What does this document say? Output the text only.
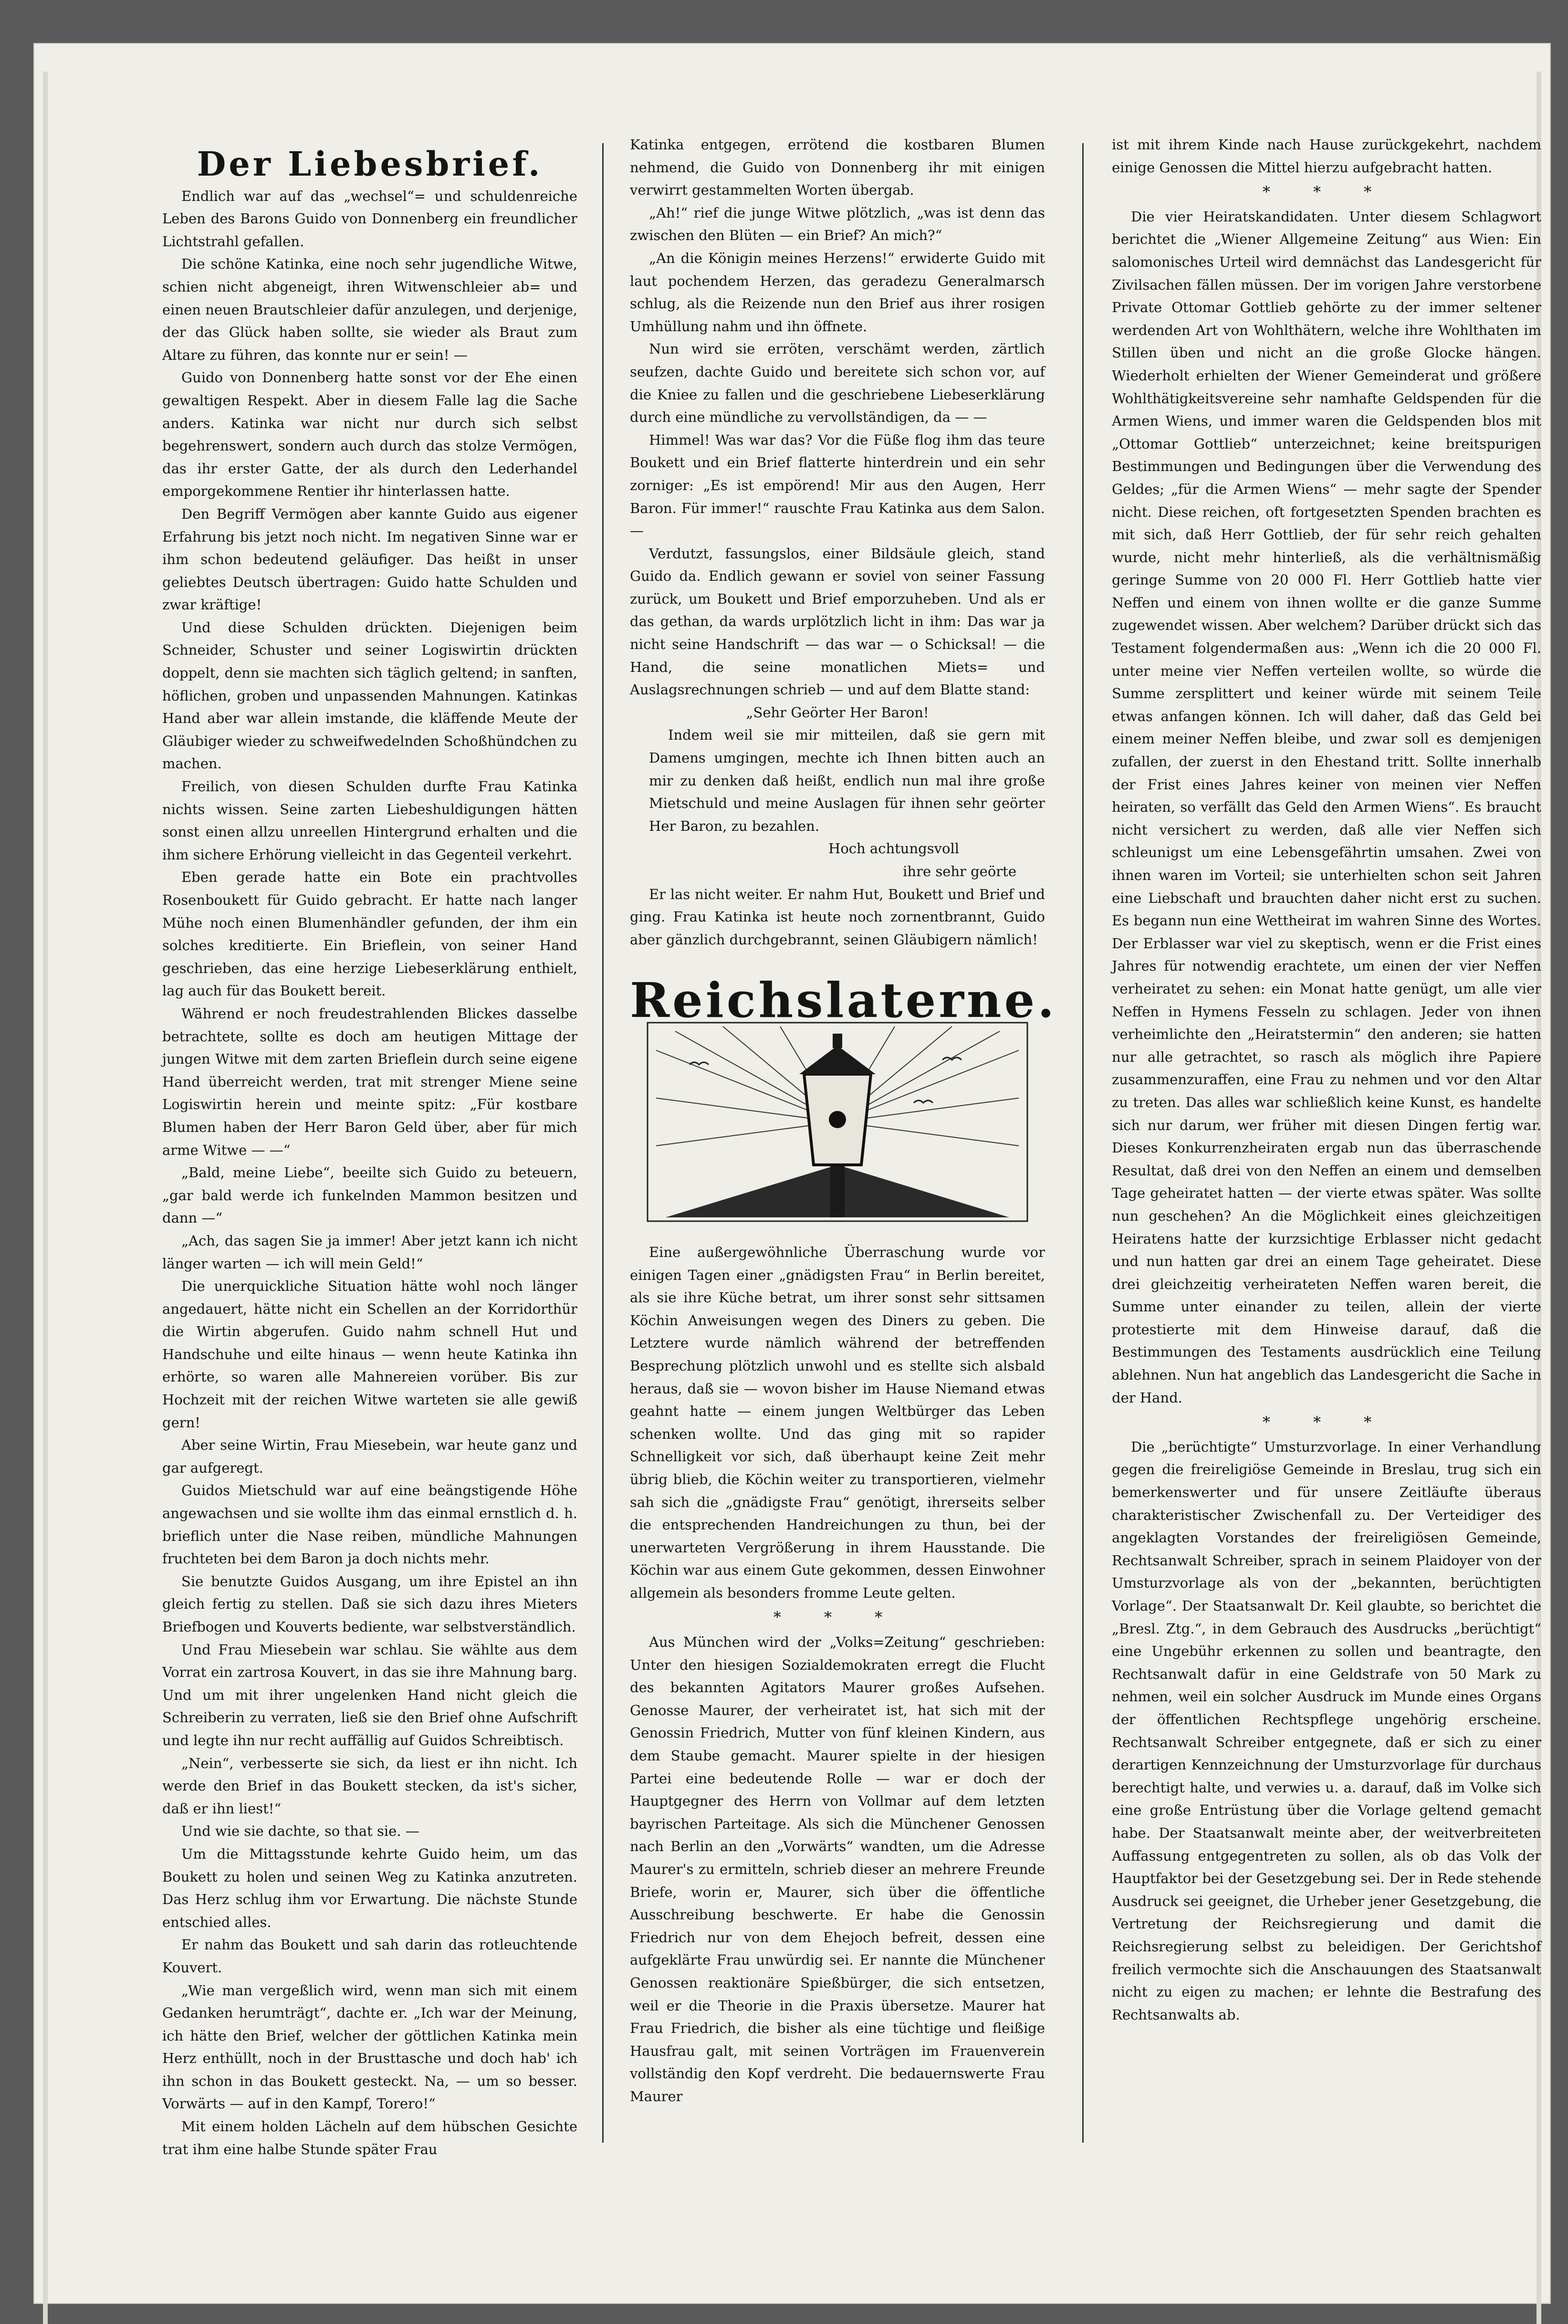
Der Liebesbrief.

Endlich war auf das „wechsel“= und schuldenreiche Leben des Barons Guido von Donnenberg ein freundlicher Lichtstrahl gefallen.

Die schöne Katinka, eine noch sehr jugendliche Witwe, schien nicht abgeneigt, ihren Witwenschleier ab= und einen neuen Brautschleier dafür anzulegen, und derjenige, der das Glück haben sollte, sie wieder als Braut zum Altare zu führen, das konnte nur er sein! —

Guido von Donnenberg hatte sonst vor der Ehe einen gewaltigen Respekt. Aber in diesem Falle lag die Sache anders. Katinka war nicht nur durch sich selbst begehrenswert, sondern auch durch das stolze Vermögen, das ihr erster Gatte, der als durch den Lederhandel emporgekommene Rentier ihr hinterlassen hatte.

Den Begriff Vermögen aber kannte Guido aus eigener Erfahrung bis jetzt noch nicht. Im negativen Sinne war er ihm schon bedeutend geläufiger. Das heißt in unser geliebtes Deutsch übertragen: Guido hatte Schulden und zwar kräftige!

Und diese Schulden drückten. Diejenigen beim Schneider, Schuster und seiner Logiswirtin drückten doppelt, denn sie machten sich täglich geltend; in sanften, höflichen, groben und unpassenden Mahnungen. Katinkas Hand aber war allein imstande, die kläffende Meute der Gläubiger wieder zu schweifwedelnden Schoßhündchen zu machen.

Freilich, von diesen Schulden durfte Frau Katinka nichts wissen. Seine zarten Liebeshuldigungen hätten sonst einen allzu unreellen Hintergrund erhalten und die ihm sichere Erhörung vielleicht in das Gegenteil verkehrt.

Eben gerade hatte ein Bote ein prachtvolles Rosenboukett für Guido gebracht. Er hatte nach langer Mühe noch einen Blumenhändler gefunden, der ihm ein solches kreditierte. Ein Brieflein, von seiner Hand geschrieben, das eine herzige Liebeserklärung enthielt, lag auch für das Boukett bereit.

Während er noch freudestrahlenden Blickes dasselbe betrachtete, sollte es doch am heutigen Mittage der jungen Witwe mit dem zarten Brieflein durch seine eigene Hand überreicht werden, trat mit strenger Miene seine Logiswirtin herein und meinte spitz: „Für kostbare Blumen haben der Herr Baron Geld über, aber für mich arme Witwe — —“

„Bald, meine Liebe“, beeilte sich Guido zu beteuern, „gar bald werde ich funkelnden Mammon besitzen und dann —“

„Ach, das sagen Sie ja immer! Aber jetzt kann ich nicht länger warten — ich will mein Geld!“

Die unerquickliche Situation hätte wohl noch länger angedauert, hätte nicht ein Schellen an der Korridorthür die Wirtin abgerufen. Guido nahm schnell Hut und Handschuhe und eilte hinaus — wenn heute Katinka ihn erhörte, so waren alle Mahnereien vorüber. Bis zur Hochzeit mit der reichen Witwe warteten sie alle gewiß gern!

Aber seine Wirtin, Frau Miesebein, war heute ganz und gar aufgeregt.

Guidos Mietschuld war auf eine beängstigende Höhe angewachsen und sie wollte ihm das einmal ernstlich d. h. brieflich unter die Nase reiben, mündliche Mahnungen fruchteten bei dem Baron ja doch nichts mehr.

Sie benutzte Guidos Ausgang, um ihre Epistel an ihn gleich fertig zu stellen. Daß sie sich dazu ihres Mieters Briefbogen und Kouverts bediente, war selbstverständlich.

Und Frau Miesebein war schlau. Sie wählte aus dem Vorrat ein zartrosa Kouvert, in das sie ihre Mahnung barg. Und um mit ihrer ungelenken Hand nicht gleich die Schreiberin zu verraten, ließ sie den Brief ohne Aufschrift und legte ihn nur recht auffällig auf Guidos Schreibtisch.

„Nein“, verbesserte sie sich, da liest er ihn nicht. Ich werde den Brief in das Boukett stecken, da ist's sicher, daß er ihn liest!“

Und wie sie dachte, so that sie. —

Um die Mittagsstunde kehrte Guido heim, um das Boukett zu holen und seinen Weg zu Katinka anzutreten. Das Herz schlug ihm vor Erwartung. Die nächste Stunde entschied alles.

Er nahm das Boukett und sah darin das rotleuchtende Kouvert.

„Wie man vergeßlich wird, wenn man sich mit einem Gedanken herumträgt“, dachte er. „Ich war der Meinung, ich hätte den Brief, welcher der göttlichen Katinka mein Herz enthüllt, noch in der Brusttasche und doch hab' ich ihn schon in das Boukett gesteckt. Na, — um so besser. Vorwärts — auf in den Kampf, Torero!“

Mit einem holden Lächeln auf dem hübschen Gesichte trat ihm eine halbe Stunde später Frau

Katinka entgegen, errötend die kostbaren Blumen nehmend, die Guido von Donnenberg ihr mit einigen verwirrt gestammelten Worten übergab.

„Ah!“ rief die junge Witwe plötzlich, „was ist denn das zwischen den Blüten — ein Brief? An mich?“

„An die Königin meines Herzens!“ erwiderte Guido mit laut pochendem Herzen, das geradezu Generalmarsch schlug, als die Reizende nun den Brief aus ihrer rosigen Umhüllung nahm und ihn öffnete.

Nun wird sie erröten, verschämt werden, zärtlich seufzen, dachte Guido und bereitete sich schon vor, auf die Kniee zu fallen und die geschriebene Liebeserklärung durch eine mündliche zu vervollständigen, da — —

Himmel! Was war das? Vor die Füße flog ihm das teure Boukett und ein Brief flatterte hinterdrein und ein sehr zorniger: „Es ist empörend! Mir aus den Augen, Herr Baron. Für immer!“ rauschte Frau Katinka aus dem Salon. —

Verdutzt, fassungslos, einer Bildsäule gleich, stand Guido da. Endlich gewann er soviel von seiner Fassung zurück, um Boukett und Brief emporzuheben. Und als er das gethan, da wards urplötzlich licht in ihm: Das war ja nicht seine Handschrift — das war — o Schicksal! — die Hand, die seine monatlichen Miets= und Auslagsrechnungen schrieb — und auf dem Blatte stand:

„Sehr Geörter Her Baron!

Indem weil sie mir mitteilen, daß sie gern mit Damens umgingen, mechte ich Ihnen bitten auch an mir zu denken daß heißt, endlich nun mal ihre große Mietschuld und meine Auslagen für ihnen sehr geörter Her Baron, zu bezahlen.

Hoch achtungsvoll

ihre sehr geörte

Er las nicht weiter. Er nahm Hut, Boukett und Brief und ging. Frau Katinka ist heute noch zornentbrannt, Guido aber gänzlich durchgebrannt, seinen Gläubigern nämlich!

Reichslaterne.

Eine außergewöhnliche Überraschung wurde vor einigen Tagen einer „gnädigsten Frau“ in Berlin bereitet, als sie ihre Küche betrat, um ihrer sonst sehr sittsamen Köchin Anweisungen wegen des Diners zu geben. Die Letztere wurde nämlich während der betreffenden Besprechung plötzlich unwohl und es stellte sich alsbald heraus, daß sie — wovon bisher im Hause Niemand etwas geahnt hatte — einem jungen Weltbürger das Leben schenken wollte. Und das ging mit so rapider Schnelligkeit vor sich, daß überhaupt keine Zeit mehr übrig blieb, die Köchin weiter zu transportieren, vielmehr sah sich die „gnädigste Frau“ genötigt, ihrerseits selber die entsprechenden Handreichungen zu thun, bei der unerwarteten Vergrößerung in ihrem Hausstande. Die Köchin war aus einem Gute gekommen, dessen Einwohner allgemein als besonders fromme Leute gelten.

* * *

Aus München wird der „Volks=Zeitung“ geschrieben: Unter den hiesigen Sozialdemokraten erregt die Flucht des bekannten Agitators Maurer großes Aufsehen. Genosse Maurer, der verheiratet ist, hat sich mit der Genossin Friedrich, Mutter von fünf kleinen Kindern, aus dem Staube gemacht. Maurer spielte in der hiesigen Partei eine bedeutende Rolle — war er doch der Hauptgegner des Herrn von Vollmar auf dem letzten bayrischen Parteitage. Als sich die Münchener Genossen nach Berlin an den „Vorwärts“ wandten, um die Adresse Maurer's zu ermitteln, schrieb dieser an mehrere Freunde Briefe, worin er, Maurer, sich über die öffentliche Ausschreibung beschwerte. Er habe die Genossin Friedrich nur von dem Ehejoch befreit, dessen eine aufgeklärte Frau unwürdig sei. Er nannte die Münchener Genossen reaktionäre Spießbürger, die sich entsetzen, weil er die Theorie in die Praxis übersetze. Maurer hat Frau Friedrich, die bisher als eine tüchtige und fleißige Hausfrau galt, mit seinen Vorträgen im Frauenverein vollständig den Kopf verdreht. Die bedauernswerte Frau Maurer

ist mit ihrem Kinde nach Hause zurückgekehrt, nachdem einige Genossen die Mittel hierzu aufgebracht hatten.

* * *

Die vier Heiratskandidaten. Unter diesem Schlagwort berichtet die „Wiener Allgemeine Zeitung“ aus Wien: Ein salomonisches Urteil wird demnächst das Landesgericht für Zivilsachen fällen müssen. Der im vorigen Jahre verstorbene Private Ottomar Gottlieb gehörte zu der immer seltener werdenden Art von Wohlthätern, welche ihre Wohlthaten im Stillen üben und nicht an die große Glocke hängen. Wiederholt erhielten der Wiener Gemeinderat und größere Wohlthätigkeitsvereine sehr namhafte Geldspenden für die Armen Wiens, und immer waren die Geldspenden blos mit „Ottomar Gottlieb“ unterzeichnet; keine breitspurigen Bestimmungen und Bedingungen über die Verwendung des Geldes; „für die Armen Wiens“ — mehr sagte der Spender nicht. Diese reichen, oft fortgesetzten Spenden brachten es mit sich, daß Herr Gottlieb, der für sehr reich gehalten wurde, nicht mehr hinterließ, als die verhältnismäßig geringe Summe von 20 000 Fl. Herr Gottlieb hatte vier Neffen und einem von ihnen wollte er die ganze Summe zugewendet wissen. Aber welchem? Darüber drückt sich das Testament folgendermaßen aus: „Wenn ich die 20 000 Fl. unter meine vier Neffen verteilen wollte, so würde die Summe zersplittert und keiner würde mit seinem Teile etwas anfangen können. Ich will daher, daß das Geld bei einem meiner Neffen bleibe, und zwar soll es demjenigen zufallen, der zuerst in den Ehestand tritt. Sollte innerhalb der Frist eines Jahres keiner von meinen vier Neffen heiraten, so verfällt das Geld den Armen Wiens“. Es braucht nicht versichert zu werden, daß alle vier Neffen sich schleunigst um eine Lebensgefährtin umsahen. Zwei von ihnen waren im Vorteil; sie unterhielten schon seit Jahren eine Liebschaft und brauchten daher nicht erst zu suchen. Es begann nun eine Wettheirat im wahren Sinne des Wortes. Der Erblasser war viel zu skeptisch, wenn er die Frist eines Jahres für notwendig erachtete, um einen der vier Neffen verheiratet zu sehen: ein Monat hatte genügt, um alle vier Neffen in Hymens Fesseln zu schlagen. Jeder von ihnen verheimlichte den „Heiratstermin“ den anderen; sie hatten nur alle getrachtet, so rasch als möglich ihre Papiere zusammenzuraffen, eine Frau zu nehmen und vor den Altar zu treten. Das alles war schließlich keine Kunst, es handelte sich nur darum, wer früher mit diesen Dingen fertig war. Dieses Konkurrenzheiraten ergab nun das überraschende Resultat, daß drei von den Neffen an einem und demselben Tage geheiratet hatten — der vierte etwas später. Was sollte nun geschehen? An die Möglichkeit eines gleichzeitigen Heiratens hatte der kurzsichtige Erblasser nicht gedacht und nun hatten gar drei an einem Tage geheiratet. Diese drei gleichzeitig verheirateten Neffen waren bereit, die Summe unter einander zu teilen, allein der vierte protestierte mit dem Hinweise darauf, daß die Bestimmungen des Testaments ausdrücklich eine Teilung ablehnen. Nun hat angeblich das Landesgericht die Sache in der Hand.

* * *

Die „berüchtigte“ Umsturzvorlage. In einer Verhandlung gegen die freireligiöse Gemeinde in Breslau, trug sich ein bemerkenswerter und für unsere Zeitläufte überaus charakteristischer Zwischenfall zu. Der Verteidiger des angeklagten Vorstandes der freireligiösen Gemeinde, Rechtsanwalt Schreiber, sprach in seinem Plaidoyer von der Umsturzvorlage als von der „bekannten, berüchtigten Vorlage“. Der Staatsanwalt Dr. Keil glaubte, so berichtet die „Bresl. Ztg.“, in dem Gebrauch des Ausdrucks „berüchtigt“ eine Ungebühr erkennen zu sollen und beantragte, den Rechtsanwalt dafür in eine Geldstrafe von 50 Mark zu nehmen, weil ein solcher Ausdruck im Munde eines Organs der öffentlichen Rechtspflege ungehörig erscheine. Rechtsanwalt Schreiber entgegnete, daß er sich zu einer derartigen Kennzeichnung der Umsturzvorlage für durchaus berechtigt halte, und verwies u. a. darauf, daß im Volke sich eine große Entrüstung über die Vorlage geltend gemacht habe. Der Staatsanwalt meinte aber, der weitverbreiteten Auffassung entgegentreten zu sollen, als ob das Volk der Hauptfaktor bei der Gesetzgebung sei. Der in Rede stehende Ausdruck sei geeignet, die Urheber jener Gesetzgebung, die Vertretung der Reichsregierung und damit die Reichsregierung selbst zu beleidigen. Der Gerichtshof freilich vermochte sich die Anschauungen des Staatsanwalt nicht zu eigen zu machen; er lehnte die Bestrafung des Rechtsanwalts ab.
